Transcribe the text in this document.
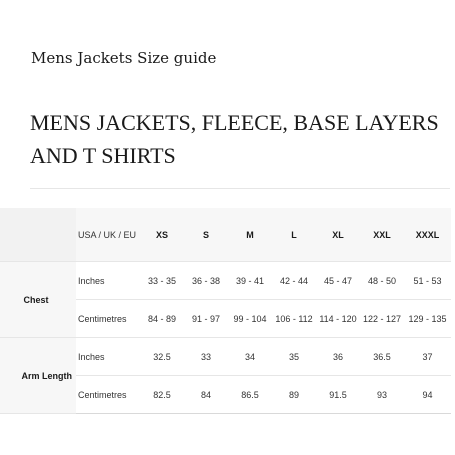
Mens Jackets Size guide
MENS JACKETS, FLEECE, BASE LAYERS AND T SHIRTS
	USA / UK / EU	XS	S	M	L	XL	XXL	XXXL
Chest	Inches	33 - 35	36 - 38	39 - 41	42 - 44	45 - 47	48 - 50	51 - 53
	Centimetres	84 - 89	91 - 97	99 - 104	106 - 112	114 - 120	122 - 127	129 - 135
Arm Length	Inches	32.5	33	34	35	36	36.5	37
	Centimetres	82.5	84	86.5	89	91.5	93	94
